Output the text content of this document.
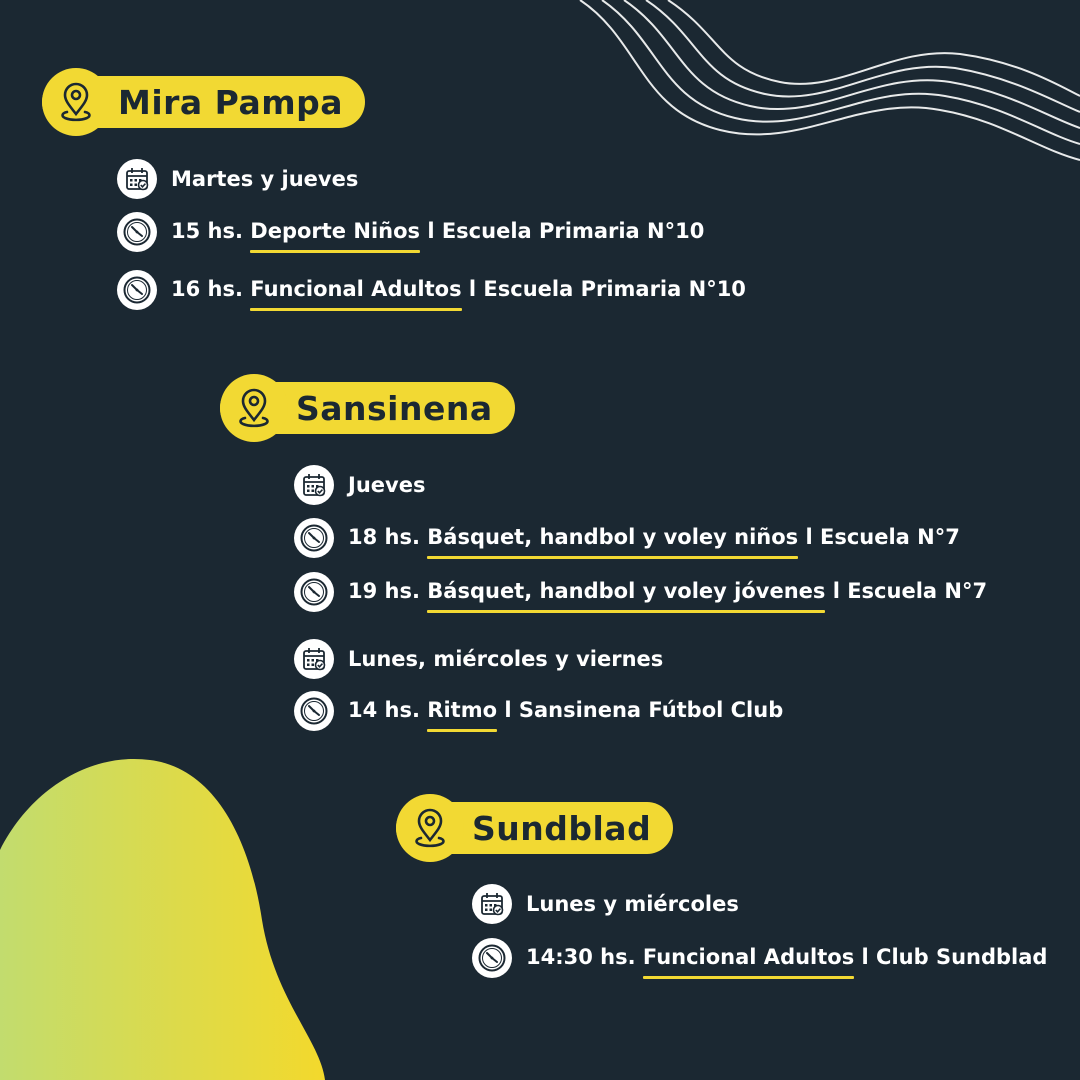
Mira Pampa
Martes y jueves
15 hs. Deporte Niños l Escuela Primaria N°10
16 hs. Funcional Adultos l Escuela Primaria N°10
Sansinena
Jueves
18 hs. Básquet, handbol y voley niños l Escuela N°7
19 hs. Básquet, handbol y voley jóvenes l Escuela N°7
Lunes, miércoles y viernes
14 hs. Ritmo l Sansinena Fútbol Club
Sundblad
Lunes y miércoles
14:30 hs. Funcional Adultos l Club Sundblad
